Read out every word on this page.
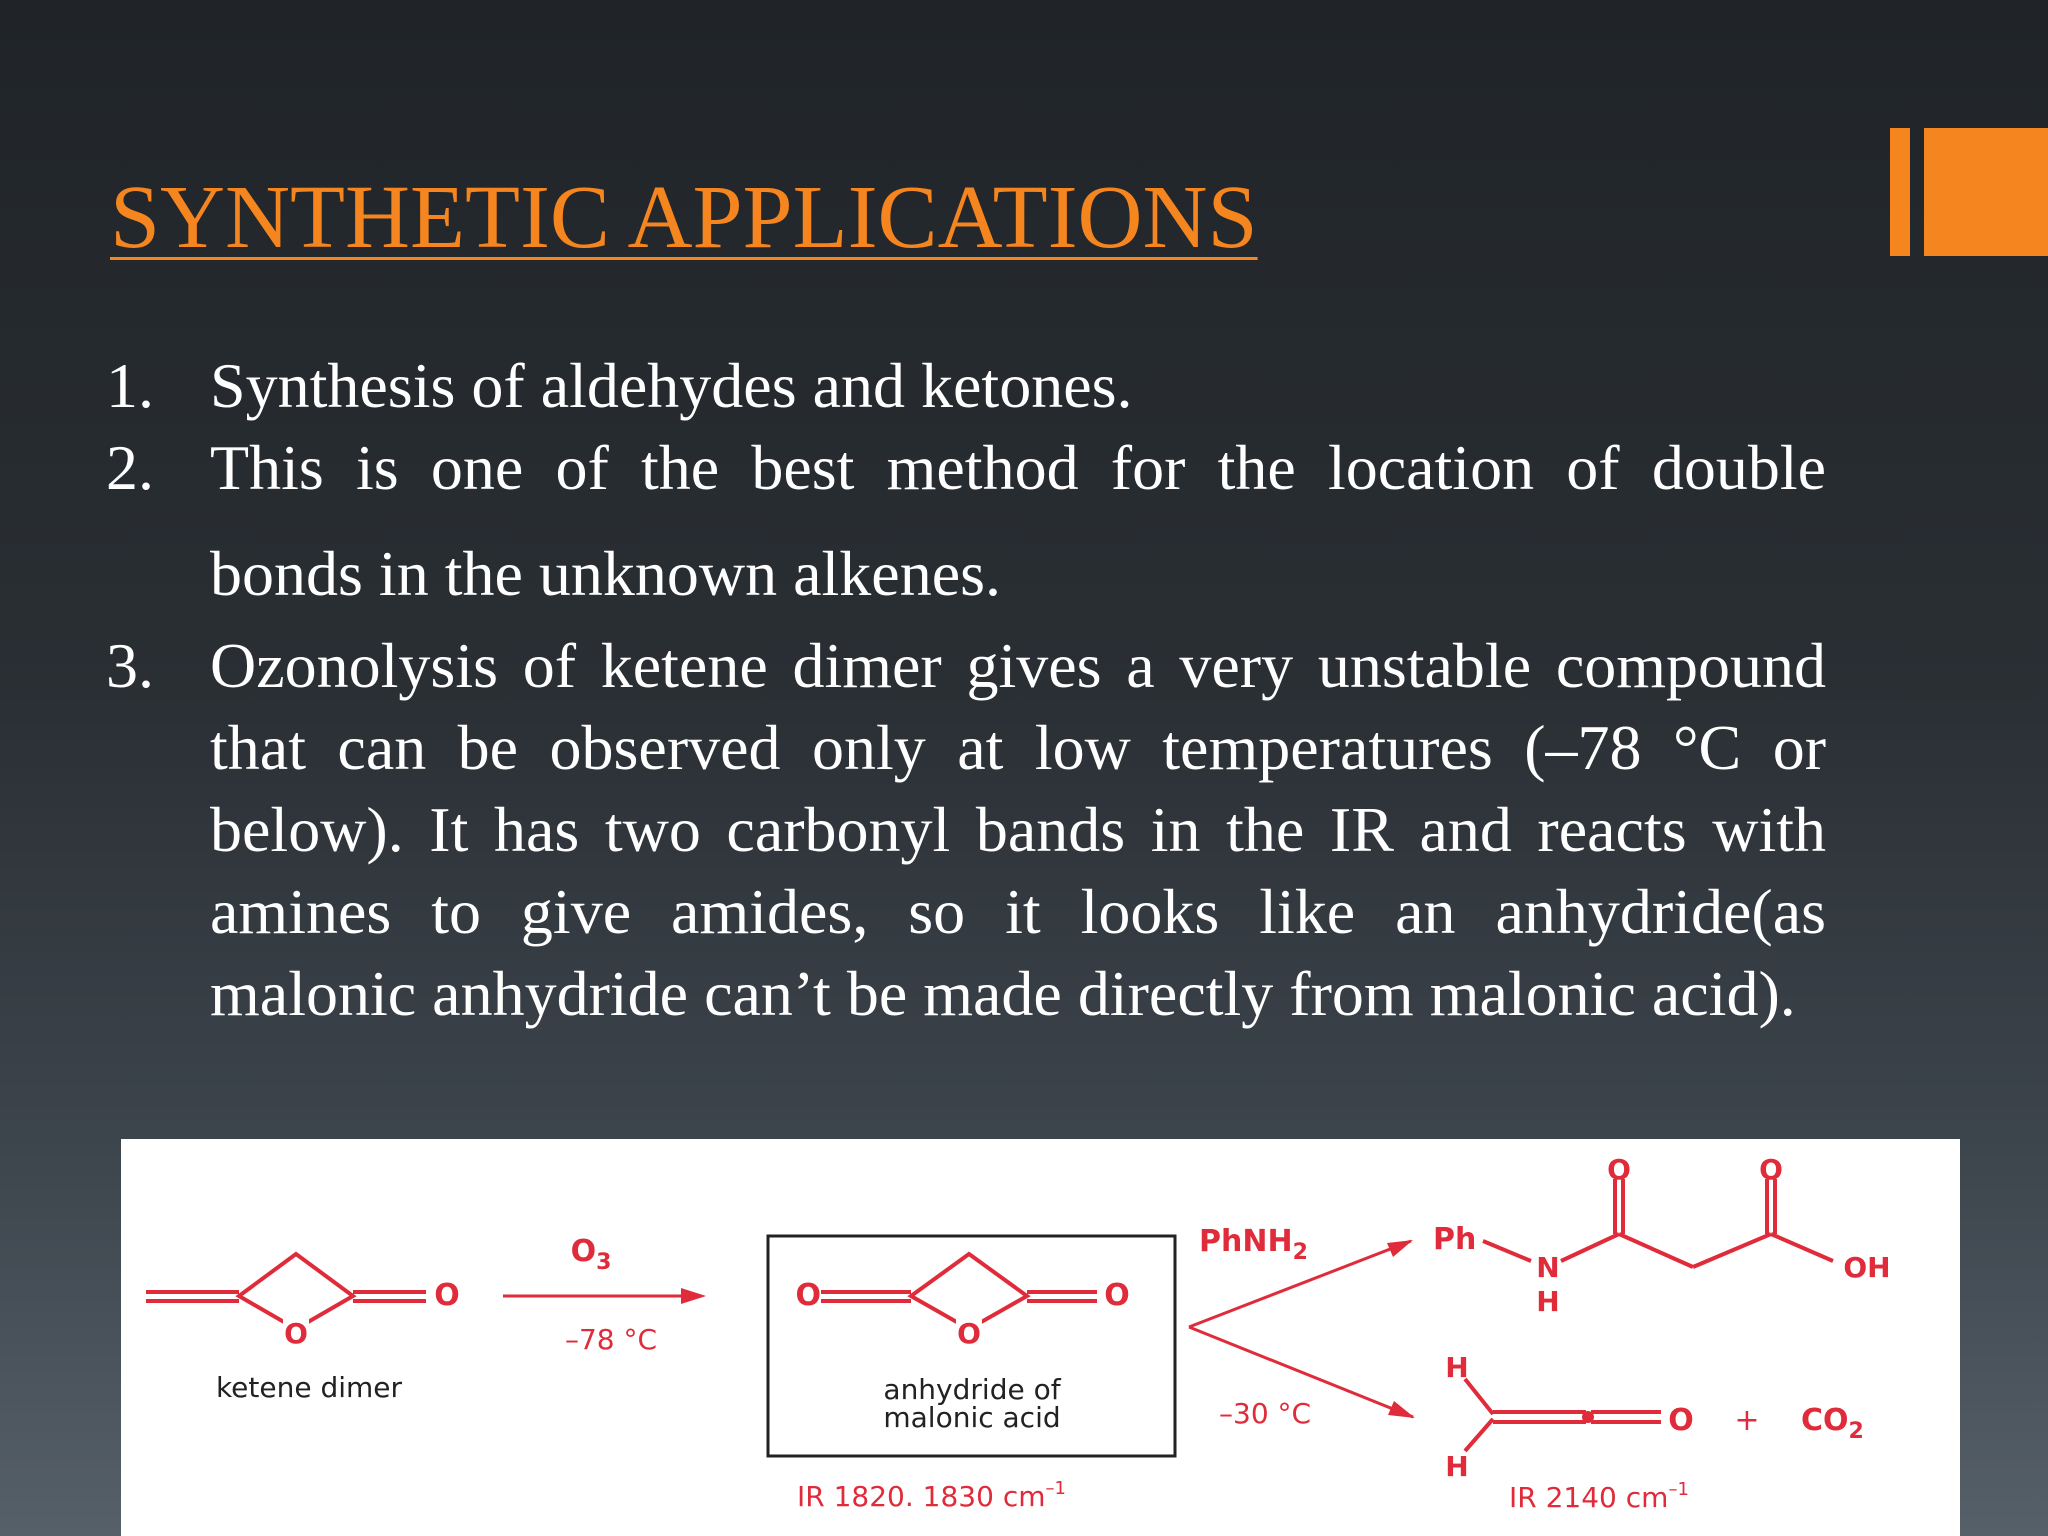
SYNTHETIC APPLICATIONS
1. Synthesis of aldehydes and ketones.
2. This is one of the best method for the location of double
bonds in the unknown alkenes.
3. Ozonolysis of ketene dimer gives a very unstable compound that can be observed only at low temperatures (–78 °C or below). It has two carbonyl bands in the IR and reacts with amines to give amides, so it looks like an anhydride(as malonic anhydride can’t be made directly from malonic acid).
O
O
ketene dimer
$O_3$
–78 °C
O
O
O
anhydride of
malonic acid
IR 1820. 1830 $cm^{-1}$
PhNH$_2$
–30 °C
Ph
N
H
O	O
OH
H
H
$O + CO_2$
IR 2140 $cm^{-1}$
